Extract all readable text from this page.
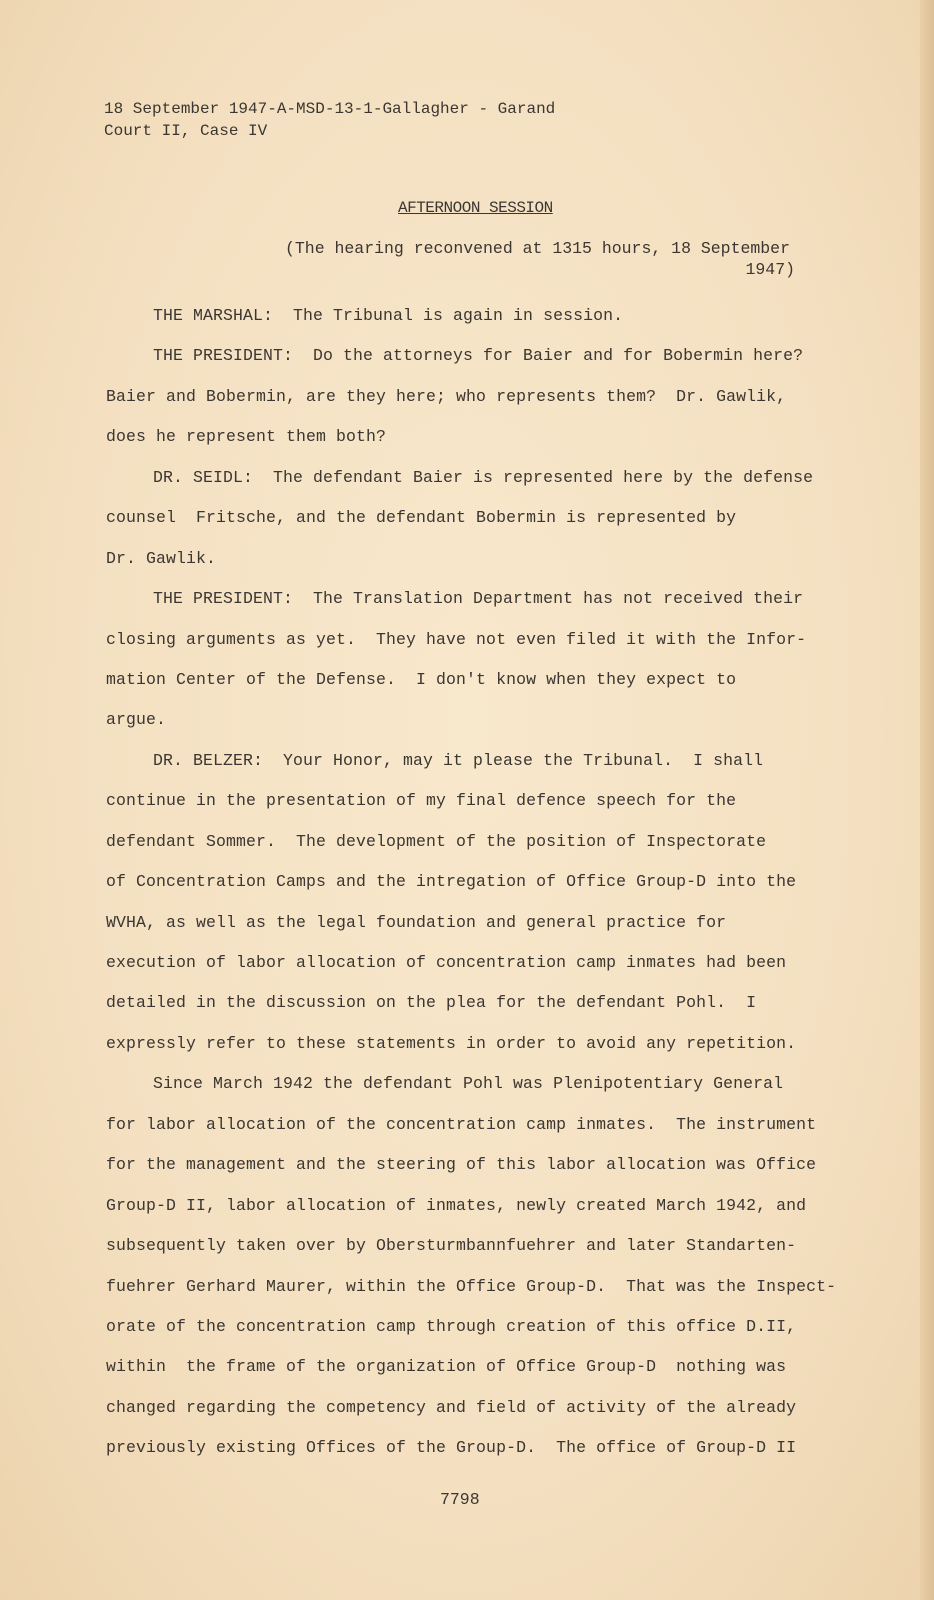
18 September 1947-A-MSD-13-1-Gallagher - Garand
Court II, Case IV
AFTERNOON SESSION
(The hearing reconvened at 1315 hours, 18 September
1947)
THE MARSHAL:  The Tribunal is again in session.
THE PRESIDENT:  Do the attorneys for Baier and for Bobermin here?
Baier and Bobermin, are they here; who represents them?  Dr. Gawlik,
does he represent them both?
DR. SEIDL:  The defendant Baier is represented here by the defense
counsel  Fritsche, and the defendant Bobermin is represented by
Dr. Gawlik.
THE PRESIDENT:  The Translation Department has not received their
closing arguments as yet.  They have not even filed it with the Infor-
mation Center of the Defense.  I don't know when they expect to
argue.
DR. BELZER:  Your Honor, may it please the Tribunal.  I shall
continue in the presentation of my final defence speech for the
defendant Sommer.  The development of the position of Inspectorate
of Concentration Camps and the intregation of Office Group-D into the
WVHA, as well as the legal foundation and general practice for
execution of labor allocation of concentration camp inmates had been
detailed in the discussion on the plea for the defendant Pohl.  I
expressly refer to these statements in order to avoid any repetition.
Since March 1942 the defendant Pohl was Plenipotentiary General
for labor allocation of the concentration camp inmates.  The instrument
for the management and the steering of this labor allocation was Office
Group-D II, labor allocation of inmates, newly created March 1942, and
subsequently taken over by Obersturmbannfuehrer and later Standarten-
fuehrer Gerhard Maurer, within the Office Group-D.  That was the Inspect-
orate of the concentration camp through creation of this office D.II,
within  the frame of the organization of Office Group-D  nothing was
changed regarding the competency and field of activity of the already
previously existing Offices of the Group-D.  The office of Group-D II
7798
